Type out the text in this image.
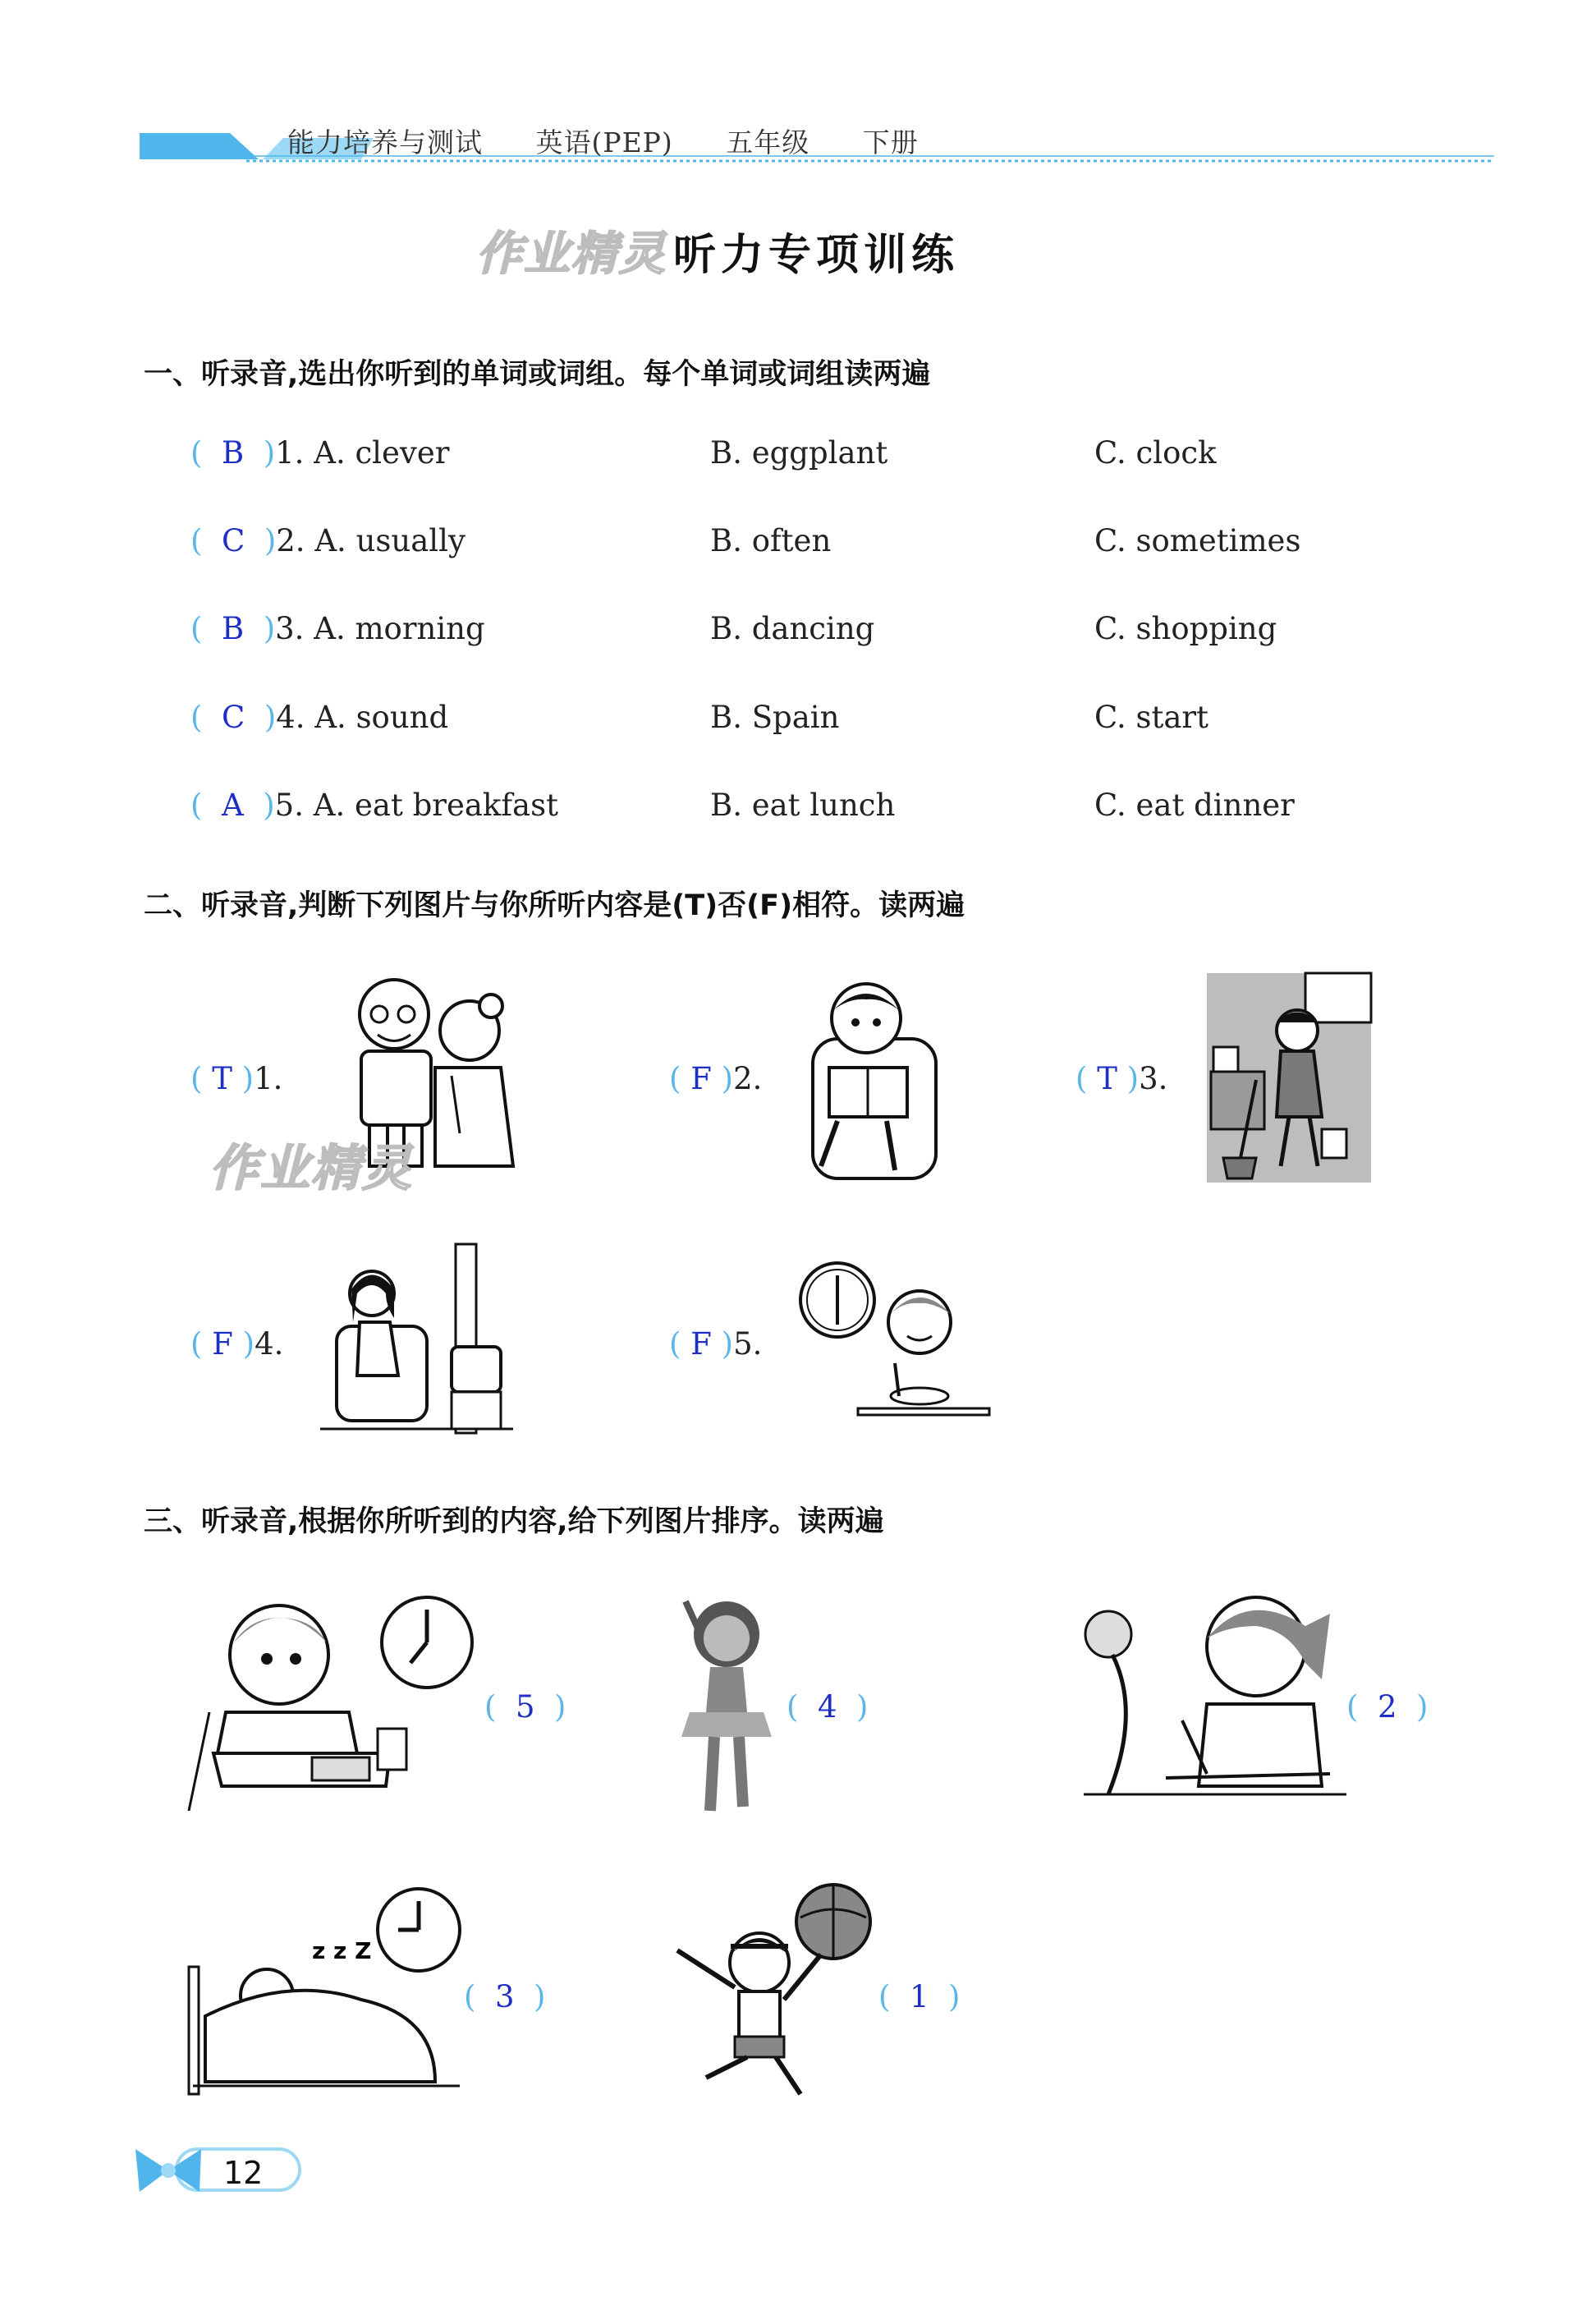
能力培养与测试 英语(PEP) 五年级 下册
作业精灵 听力专项训练
一、听录音,选出你听到的单词或词组。每个单词或词组读两遍
( B )1. A. clever	B. eggplant	C. clock
( C )2. A. usually	B. often	C. sometimes
( B )3. A. morning	B. dancing	C. shopping
( C )4. A. sound	B. Spain	C. start
( A )5. A. eat breakfast	B. eat lunch	C. eat dinner
二、听录音,判断下列图片与你所听内容是(T)否(F)相符。读两遍
( T )1.	( F )2.	( T )3.
( F )4.	( F )5.
三、听录音,根据你所听到的内容,给下列图片排序。读两遍
( 5 )	( 4 )	( 2 )
( 3 )	( 1 )
z z Z
作业精灵
12
